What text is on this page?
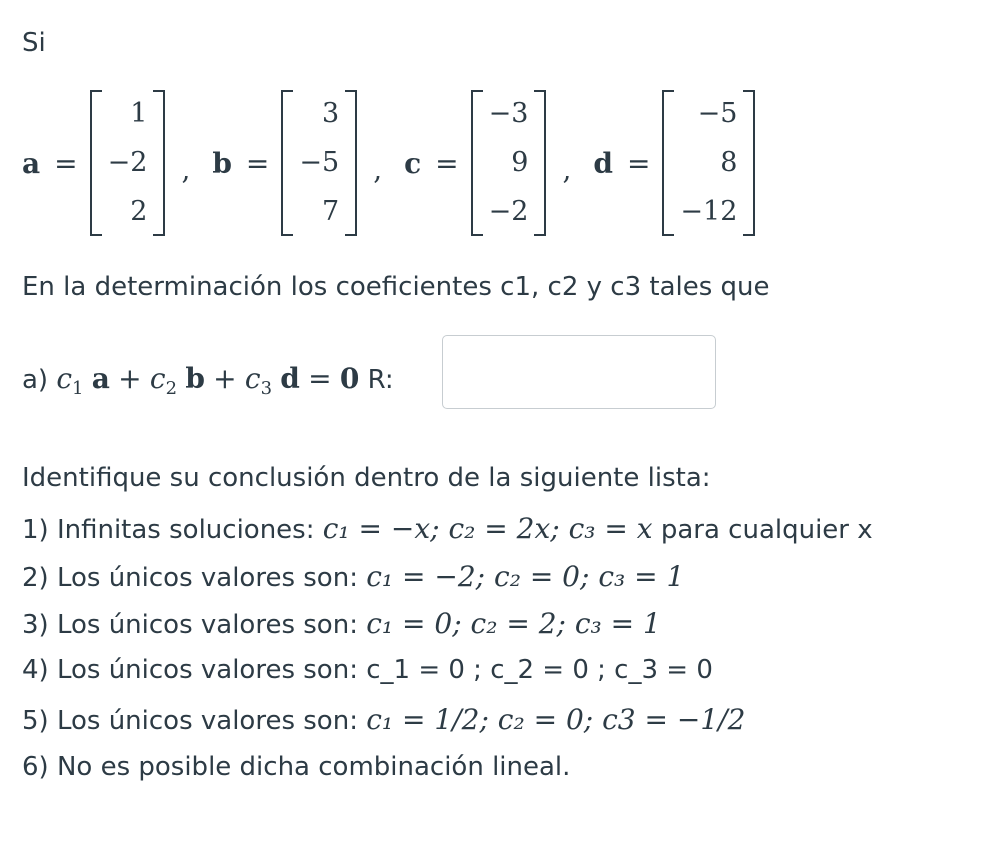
Si
a =
1
−2
2
, b =
3
−5
7
, c =
−3
9
−2
, d =
−5
8
−12
En la determinación los coeficientes c1, c2 y c3 tales que
a) $c_1$ $a + c_2$ $b + c_3$ d = 0 R:
Identifique su conclusión dentro de la siguiente lista:
1) Infinitas soluciones: c₁ = −x; c₂ = 2x; c₃ = x para cualquier x
2) Los únicos valores son: c₁ = −2; c₂ = 0; c₃ = 1
3) Los únicos valores son: c₁ = 0; c₂ = 2; c₃ = 1
4) Los únicos valores son: c_1 = 0 ; c_2 = 0 ; c_3 = 0
5) Los únicos valores son: c₁ = 1/2; c₂ = 0; c3 = −1/2
6) No es posible dicha combinación lineal.
